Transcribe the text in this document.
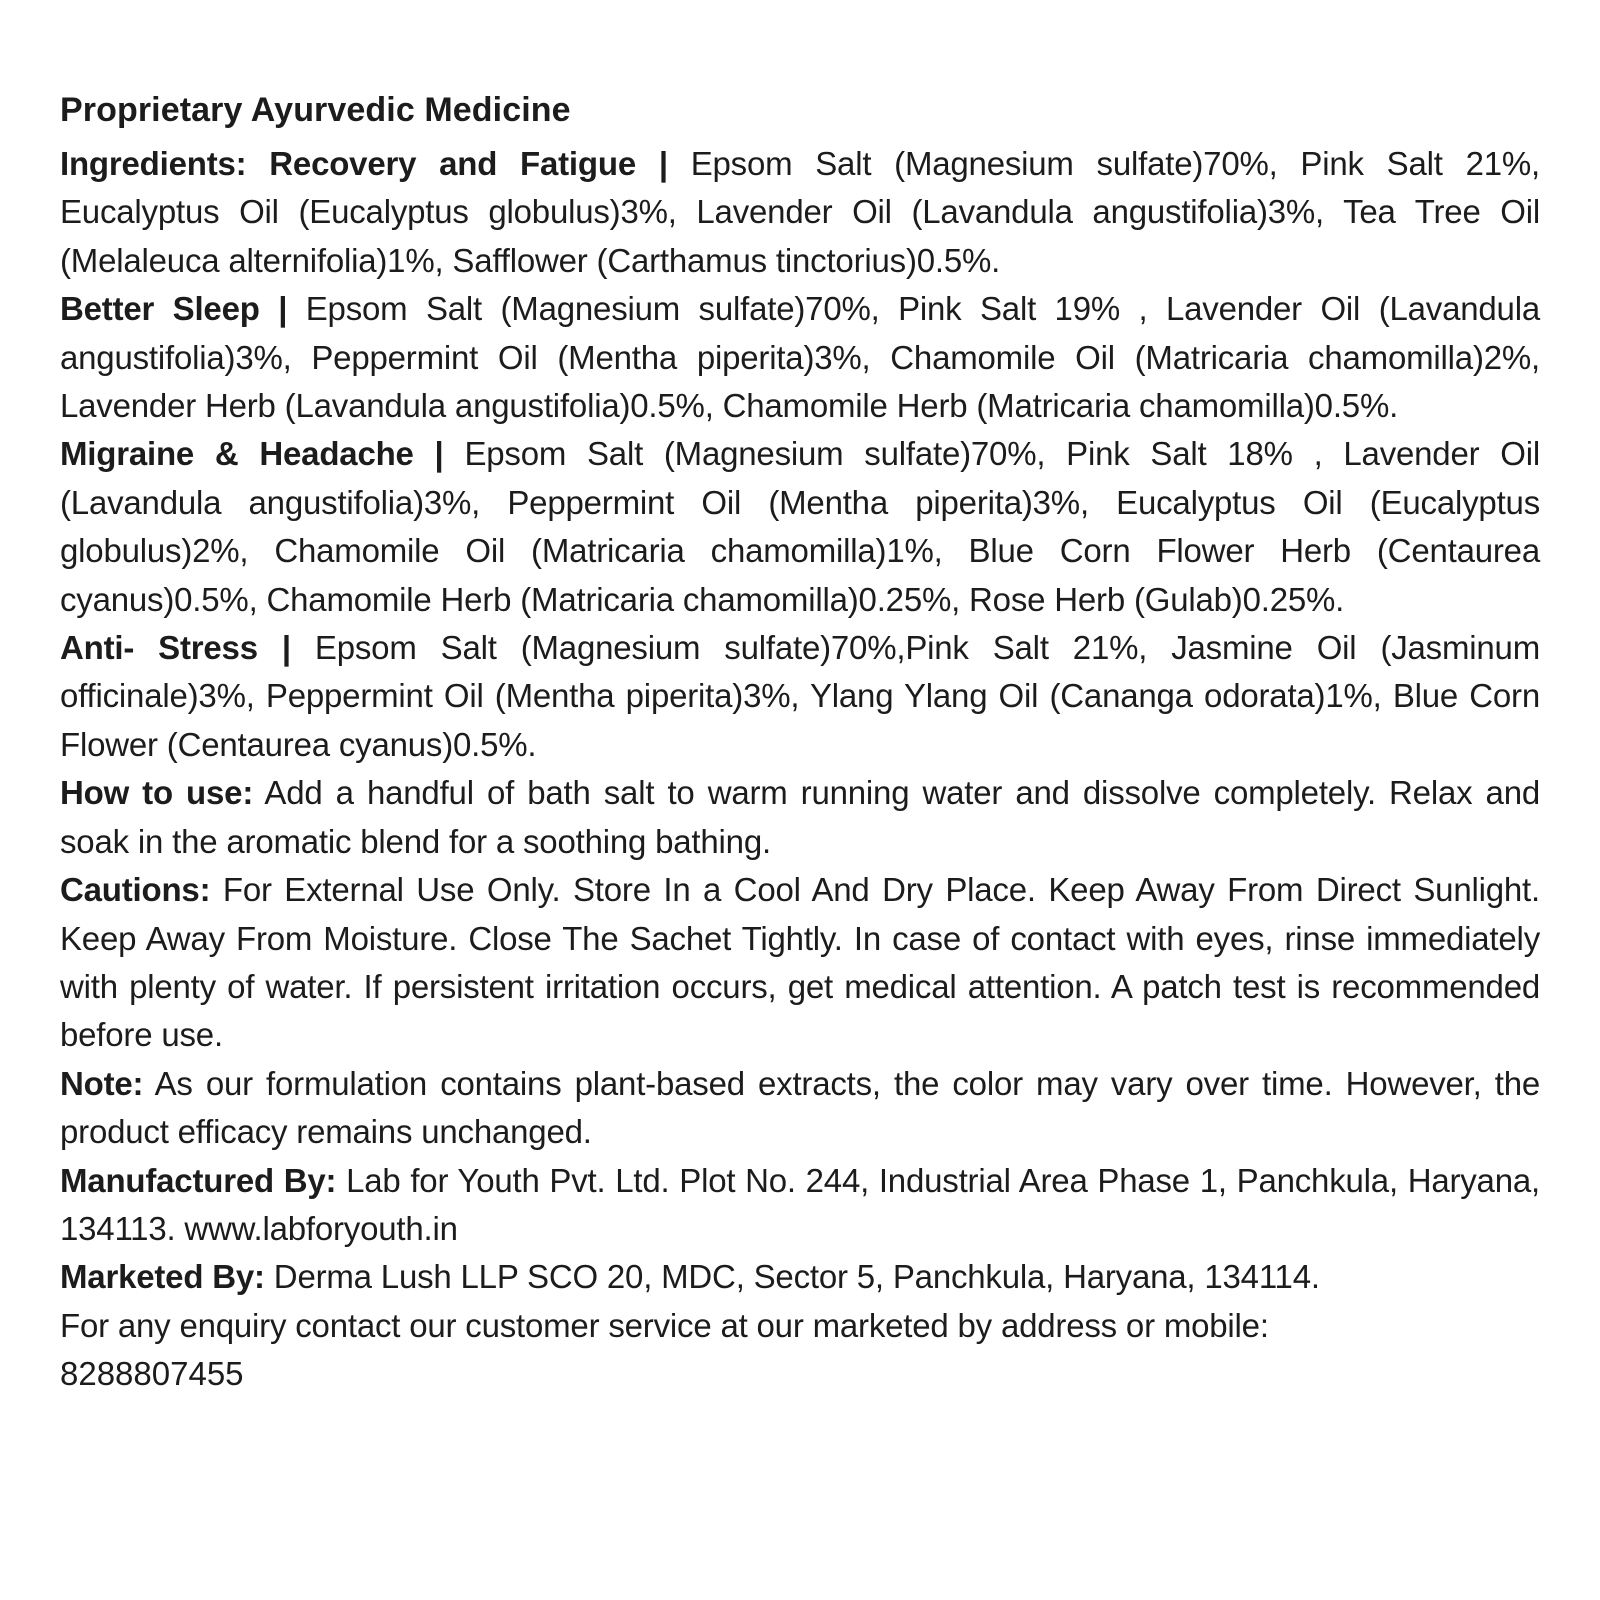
Proprietary Ayurvedic Medicine

Ingredients: Recovery and Fatigue | Epsom Salt (Magnesium sulfate)70%, Pink Salt 21%, Eucalyptus Oil (Eucalyptus globulus)3%, Lavender Oil (Lavandula angustifolia)3%, Tea Tree Oil (Melaleuca alternifolia)1%, Safflower (Carthamus tinctorius)0.5%.

Better Sleep | Epsom Salt (Magnesium sulfate)70%, Pink Salt 19% , Lavender Oil (Lavandula angustifolia)3%, Peppermint Oil (Mentha piperita)3%, Chamomile Oil (Matricaria chamomilla)2%, Lavender Herb (Lavandula angustifolia)0.5%, Chamomile Herb (Matricaria chamomilla)0.5%.

Migraine & Headache | Epsom Salt (Magnesium sulfate)70%, Pink Salt 18% , Lavender Oil (Lavandula angustifolia)3%, Peppermint Oil (Mentha piperita)3%, Eucalyptus Oil (Eucalyptus globulus)2%, Chamomile Oil (Matricaria chamomilla)1%, Blue Corn Flower Herb (Centaurea cyanus)0.5%, Chamomile Herb (Matricaria chamomilla)0.25%, Rose Herb (Gulab)0.25%.

Anti- Stress | Epsom Salt (Magnesium sulfate)70%,Pink Salt 21%, Jasmine Oil (Jasminum officinale)3%, Peppermint Oil (Mentha piperita)3%, Ylang Ylang Oil (Cananga odorata)1%, Blue Corn Flower (Centaurea cyanus)0.5%.

How to use: Add a handful of bath salt to warm running water and dissolve completely. Relax and soak in the aromatic blend for a soothing bathing.

Cautions: For External Use Only. Store In a Cool And Dry Place. Keep Away From Direct Sunlight. Keep Away From Moisture. Close The Sachet Tightly. In case of contact with eyes, rinse immediately with plenty of water. If persistent irritation occurs, get medical attention. A patch test is recommended before use.

Note: As our formulation contains plant-based extracts, the color may vary over time. However, the product efficacy remains unchanged.

Manufactured By: Lab for Youth Pvt. Ltd. Plot No. 244, Industrial Area Phase 1, Panchkula, Haryana, 134113. www.labforyouth.in

Marketed By: Derma Lush LLP SCO 20, MDC, Sector 5, Panchkula, Haryana, 134114.

For any enquiry contact our customer service at our marketed by address or mobile:

8288807455
